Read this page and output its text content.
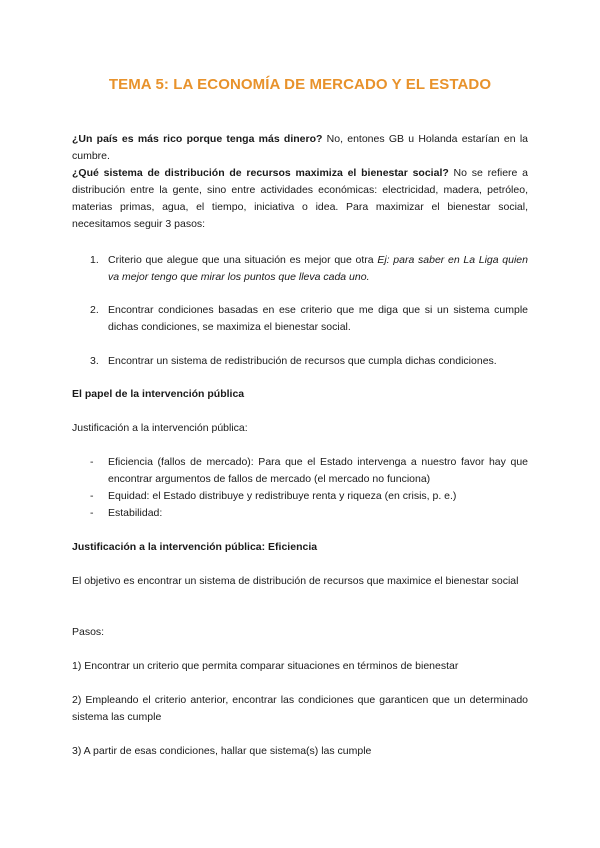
TEMA 5: LA ECONOMÍA DE MERCADO Y EL ESTADO

¿Un país es más rico porque tenga más dinero? No, entones GB u Holanda estarían en la cumbre.
¿Qué sistema de distribución de recursos maximiza el bienestar social? No se refiere a distribución entre la gente, sino entre actividades económicas: electricidad, madera, petróleo, materias primas, agua, el tiempo, iniciativa o idea. Para maximizar el bienestar social, necesitamos seguir 3 pasos:

1. Criterio que alegue que una situación es mejor que otra Ej: para saber en La Liga quien va mejor tengo que mirar los puntos que lleva cada uno.
2. Encontrar condiciones basadas en ese criterio que me diga que si un sistema cumple dichas condiciones, se maximiza el bienestar social.
3. Encontrar un sistema de redistribución de recursos que cumpla dichas condiciones.

El papel de la intervención pública

Justificación a la intervención pública:

- Eficiencia (fallos de mercado): Para que el Estado intervenga a nuestro favor hay que encontrar argumentos de fallos de mercado (el mercado no funciona)
- Equidad: el Estado distribuye y redistribuye renta y riqueza (en crisis, p. e.)
- Estabilidad:

Justificación a la intervención pública: Eficiencia

El objetivo es encontrar un sistema de distribución de recursos que maximice el bienestar social

Pasos:

1) Encontrar un criterio que permita comparar situaciones en términos de bienestar

2) Empleando el criterio anterior, encontrar las condiciones que garanticen que un determinado sistema las cumple

3) A partir de esas condiciones, hallar que sistema(s) las cumple
